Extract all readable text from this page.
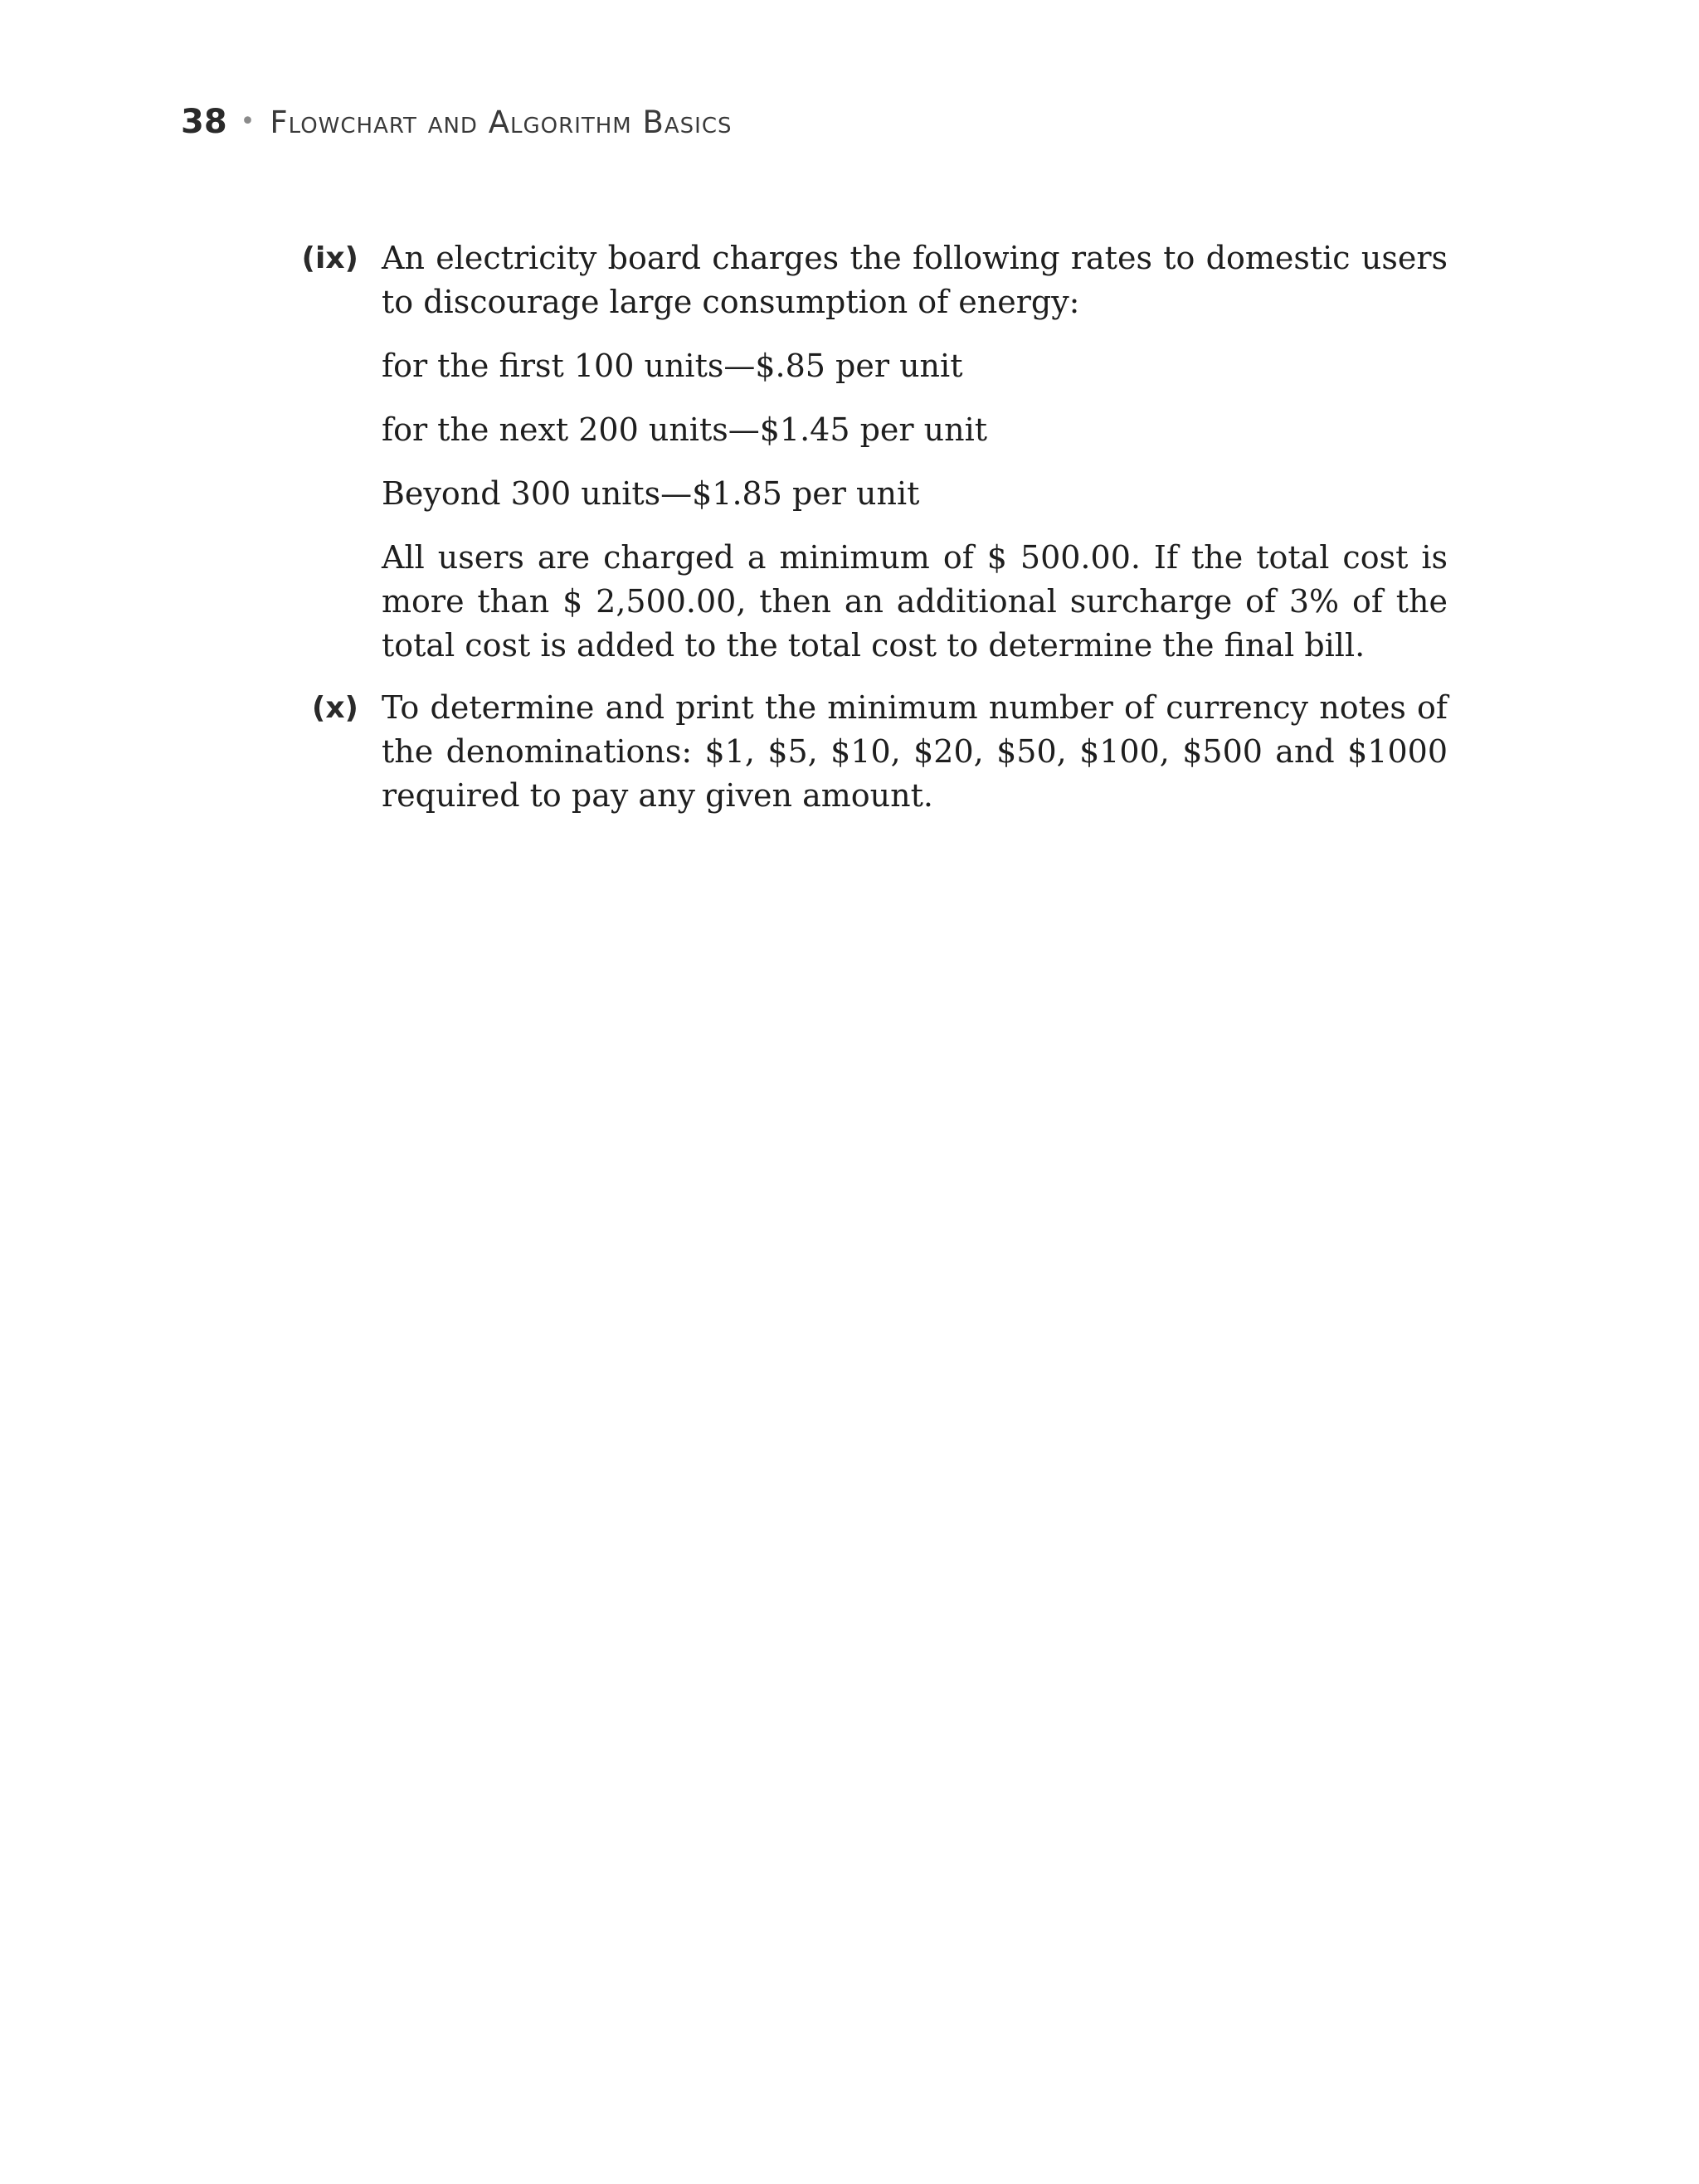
38 • Flowchart and Algorithm Basics
(ix) An electricity board charges the following rates to domestic users to discourage large consumption of energy:

for the first 100 units—$.85 per unit

for the next 200 units—$1.45 per unit

Beyond 300 units—$1.85 per unit

All users are charged a minimum of $ 500.00. If the total cost is more than $ 2,500.00, then an additional surcharge of 3% of the total cost is added to the total cost to determine the final bill.

(x) To determine and print the minimum number of currency notes of the denominations: $1, $5, $10, $20, $50, $100, $500 and $1000 required to pay any given amount.
